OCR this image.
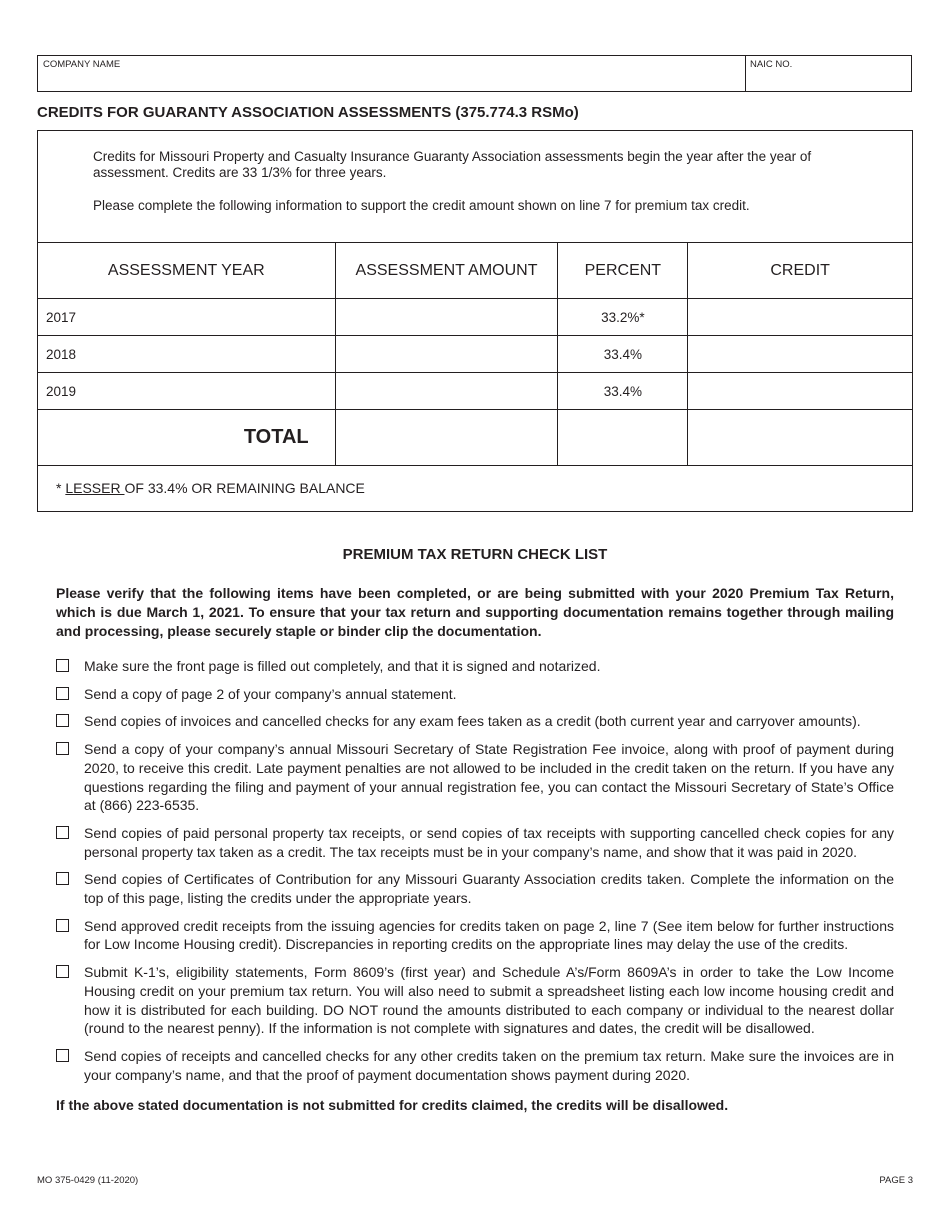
COMPANY NAME	NAIC NO.
CREDITS FOR GUARANTY ASSOCIATION ASSESSMENTS (375.774.3 RSMo)
Credits for Missouri Property and Casualty Insurance Guaranty Association assessments begin the year after the year of assessment. Credits are 33 1/3% for three years.
Please complete the following information to support the credit amount shown on line 7 for premium tax credit.
ASSESSMENT YEAR	ASSESSMENT AMOUNT	PERCENT	CREDIT
2017		33.2%*	
2018		33.4%	
2019		33.4%	
TOTAL			
* LESSER OF 33.4% OR REMAINING BALANCE
PREMIUM TAX RETURN CHECK LIST
Please verify that the following items have been completed, or are being submitted with your 2020 Premium Tax Return, which is due March 1, 2021. To ensure that your tax return and supporting documentation remains together through mailing and processing, please securely staple or binder clip the documentation.
Make sure the front page is filled out completely, and that it is signed and notarized.
Send a copy of page 2 of your company’s annual statement.
Send copies of invoices and cancelled checks for any exam fees taken as a credit (both current year and carryover amounts).
Send a copy of your company’s annual Missouri Secretary of State Registration Fee invoice, along with proof of payment during 2020, to receive this credit. Late payment penalties are not allowed to be included in the credit taken on the return. If you have any questions regarding the filing and payment of your annual registration fee, you can contact the Missouri Secretary of State’s Office at (866) 223-6535.
Send copies of paid personal property tax receipts, or send copies of tax receipts with supporting cancelled check copies for any personal property tax taken as a credit. The tax receipts must be in your company’s name, and show that it was paid in 2020.
Send copies of Certificates of Contribution for any Missouri Guaranty Association credits taken. Complete the information on the top of this page, listing the credits under the appropriate years.
Send approved credit receipts from the issuing agencies for credits taken on page 2, line 7 (See item below for further instructions for Low Income Housing credit). Discrepancies in reporting credits on the appropriate lines may delay the use of the credits.
Submit K-1’s, eligibility statements, Form 8609’s (first year) and Schedule A’s/Form 8609A’s in order to take the Low Income Housing credit on your premium tax return. You will also need to submit a spreadsheet listing each low income housing credit and how it is distributed for each building. DO NOT round the amounts distributed to each company or individual to the nearest dollar (round to the nearest penny). If the information is not complete with signatures and dates, the credit will be disallowed.
Send copies of receipts and cancelled checks for any other credits taken on the premium tax return. Make sure the invoices are in your company’s name, and that the proof of payment documentation shows payment during 2020.
If the above stated documentation is not submitted for credits claimed, the credits will be disallowed.
MO 375-0429 (11-2020)	PAGE 3
